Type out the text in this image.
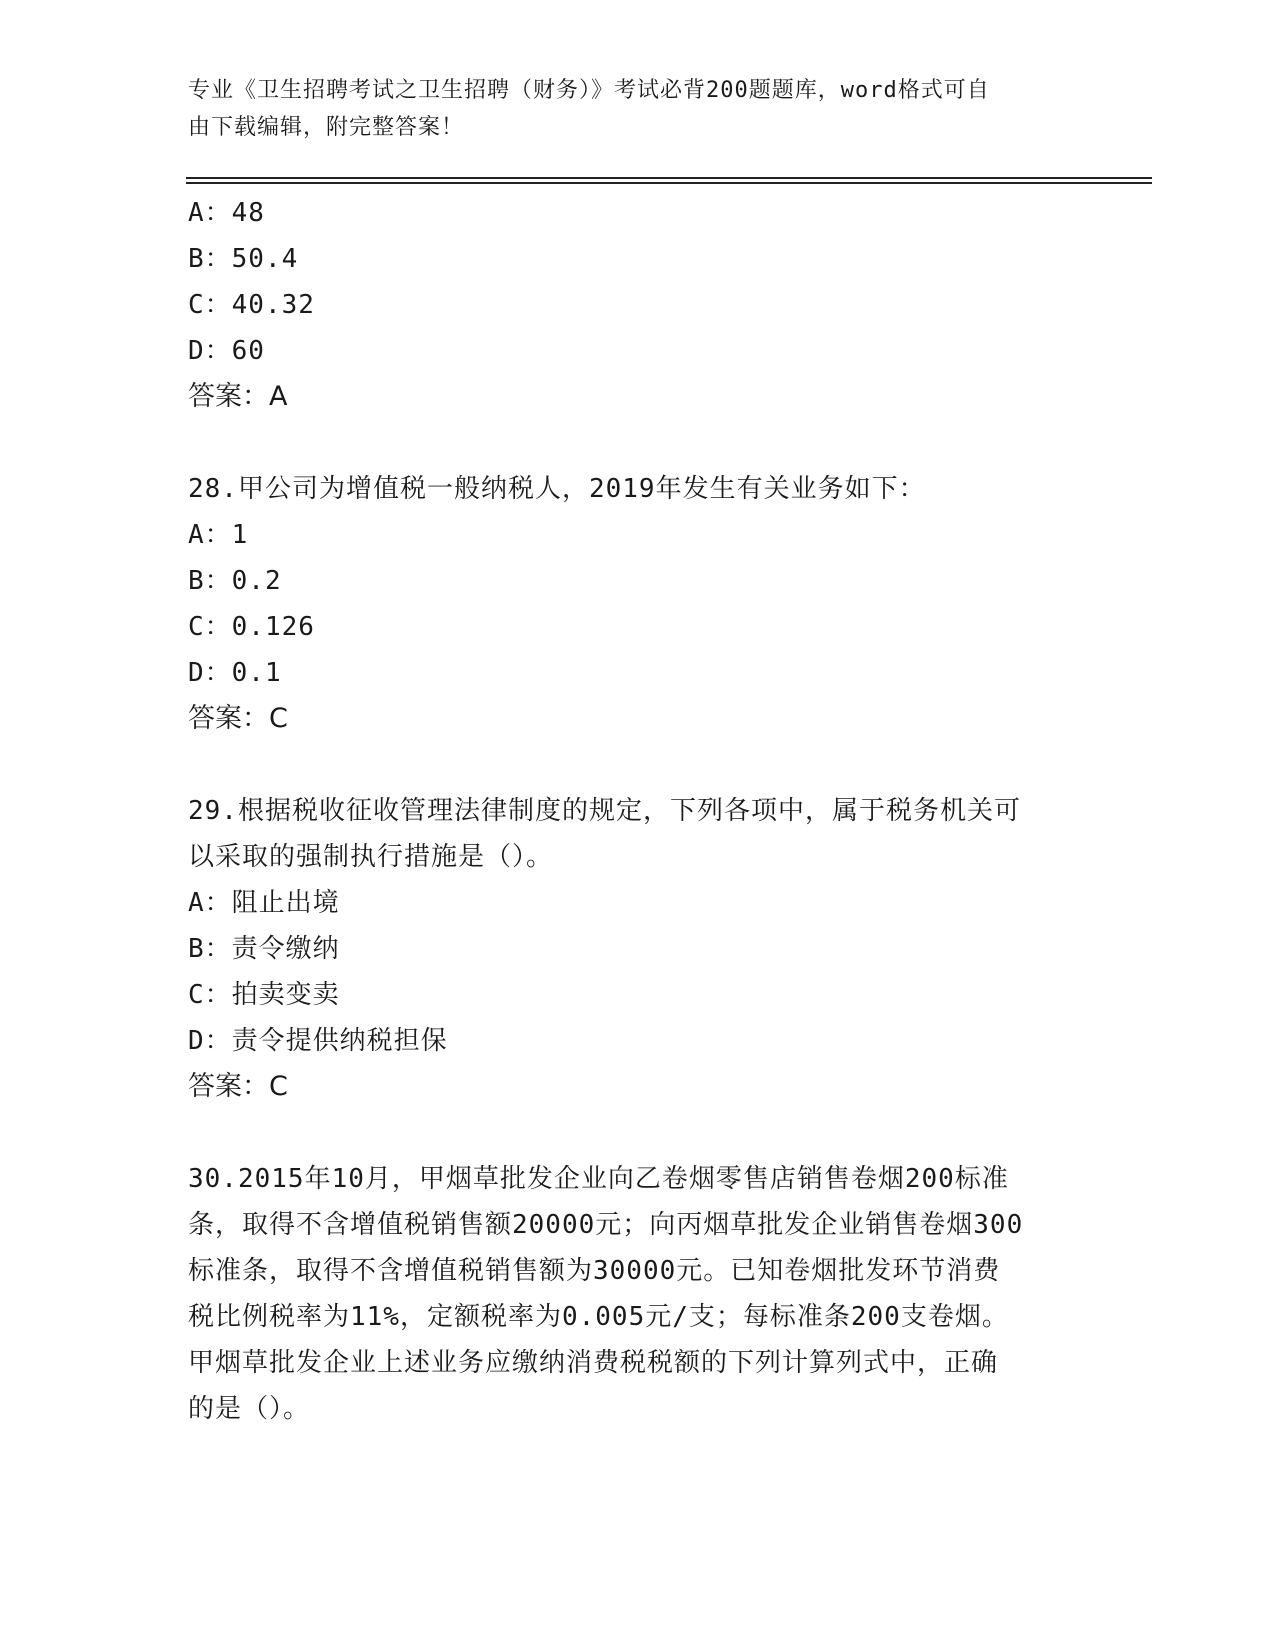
专业《卫生招聘考试之卫生招聘（财务）》考试必背200题题库，word格式可自
由下载编辑，附完整答案！
A：48
B：50.4
C：40.32
D：60
答案：A
28.甲公司为增值税一般纳税人，2019年发生有关业务如下：
A：1
B：0.2
C：0.126
D：0.1
答案：C
29.根据税收征收管理法律制度的规定，下列各项中，属于税务机关可
以采取的强制执行措施是（）。
A：阻止出境
B：责令缴纳
C：拍卖变卖
D：责令提供纳税担保
答案：C
30.2015年10月，甲烟草批发企业向乙卷烟零售店销售卷烟200标准
条，取得不含增值税销售额20000元；向丙烟草批发企业销售卷烟300
标准条，取得不含增值税销售额为30000元。已知卷烟批发环节消费
税比例税率为11%，定额税率为0.005元/支；每标准条200支卷烟。
甲烟草批发企业上述业务应缴纳消费税税额的下列计算列式中，正确
的是（）。
